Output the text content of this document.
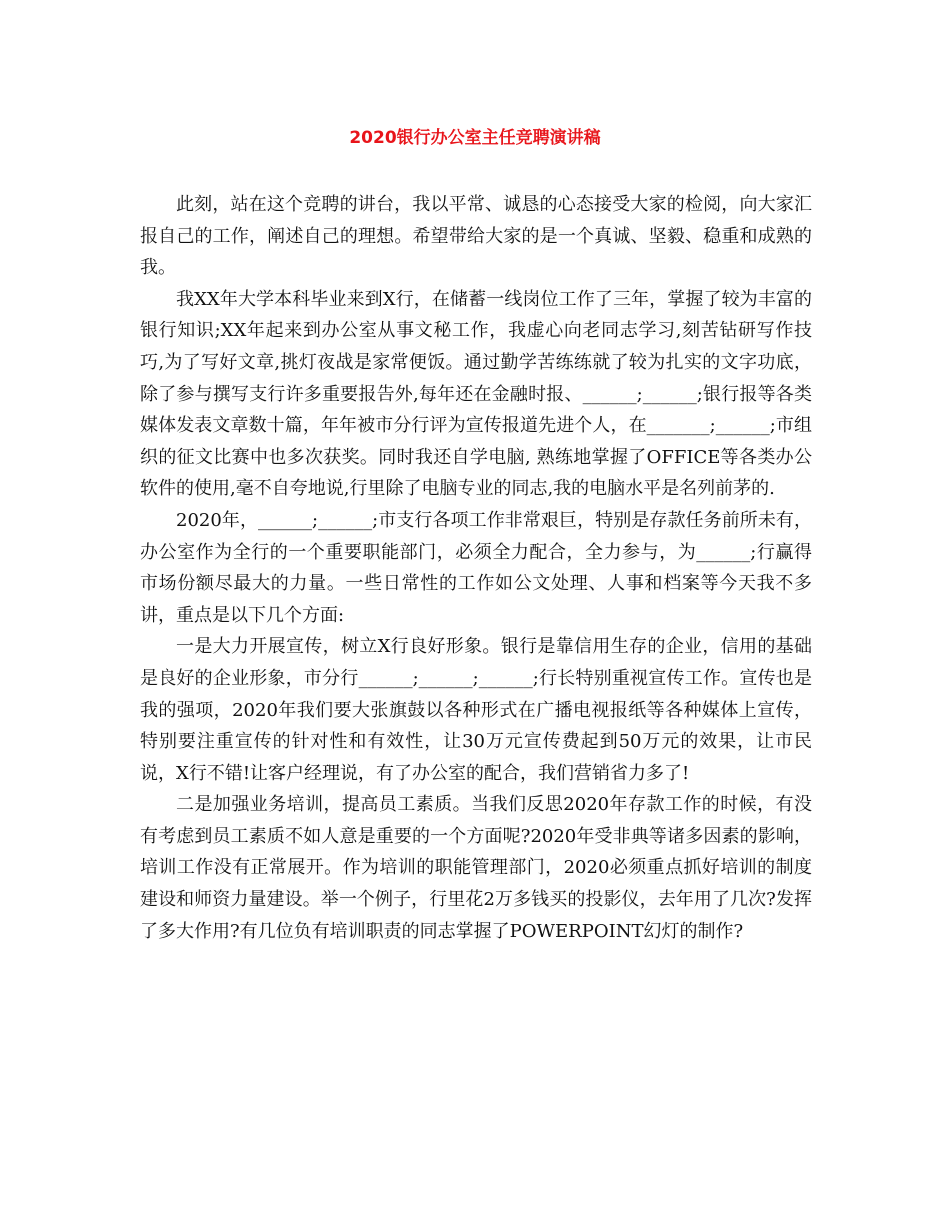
2020银行办公室主任竞聘演讲稿

此刻，站在这个竞聘的讲台，我以平常、诚恳的心态接受大家的检阅，向大家汇报自己的工作，阐述自己的理想。希望带给大家的是一个真诚、坚毅、稳重和成熟的我。

我XX年大学本科毕业来到X行，在储蓄一线岗位工作了三年，掌握了较为丰富的银行知识;XX年起来到办公室从事文秘工作，我虚心向老同志学习,刻苦钻研写作技巧,为了写好文章,挑灯夜战是家常便饭。通过勤学苦练练就了较为扎实的文字功底，除了参与撰写支行许多重要报告外,每年还在金融时报、______;______;银行报等各类媒体发表文章数十篇，年年被市分行评为宣传报道先进个人，在_______;______;市组织的征文比赛中也多次获奖。同时我还自学电脑, 熟练地掌握了OFFICE等各类办公软件的使用,毫不自夸地说,行里除了电脑专业的同志,我的电脑水平是名列前茅的.

2020年，______;______;市支行各项工作非常艰巨，特别是存款任务前所未有，办公室作为全行的一个重要职能部门，必须全力配合，全力参与，为______;行赢得市场份额尽最大的力量。一些日常性的工作如公文处理、人事和档案等今天我不多讲，重点是以下几个方面:

一是大力开展宣传，树立X行良好形象。银行是靠信用生存的企业，信用的基础是良好的企业形象，市分行______;______;______;行长特别重视宣传工作。宣传也是我的强项，2020年我们要大张旗鼓以各种形式在广播电视报纸等各种媒体上宣传，特别要注重宣传的针对性和有效性，让30万元宣传费起到50万元的效果，让市民说，X行不错!让客户经理说，有了办公室的配合，我们营销省力多了!

二是加强业务培训，提高员工素质。当我们反思2020年存款工作的时候，有没有考虑到员工素质不如人意是重要的一个方面呢?2020年受非典等诸多因素的影响，培训工作没有正常展开。作为培训的职能管理部门，2020必须重点抓好培训的制度建设和师资力量建设。举一个例子，行里花2万多钱买的投影仪，去年用了几次?发挥了多大作用?有几位负有培训职责的同志掌握了POWERPOINT幻灯的制作?
